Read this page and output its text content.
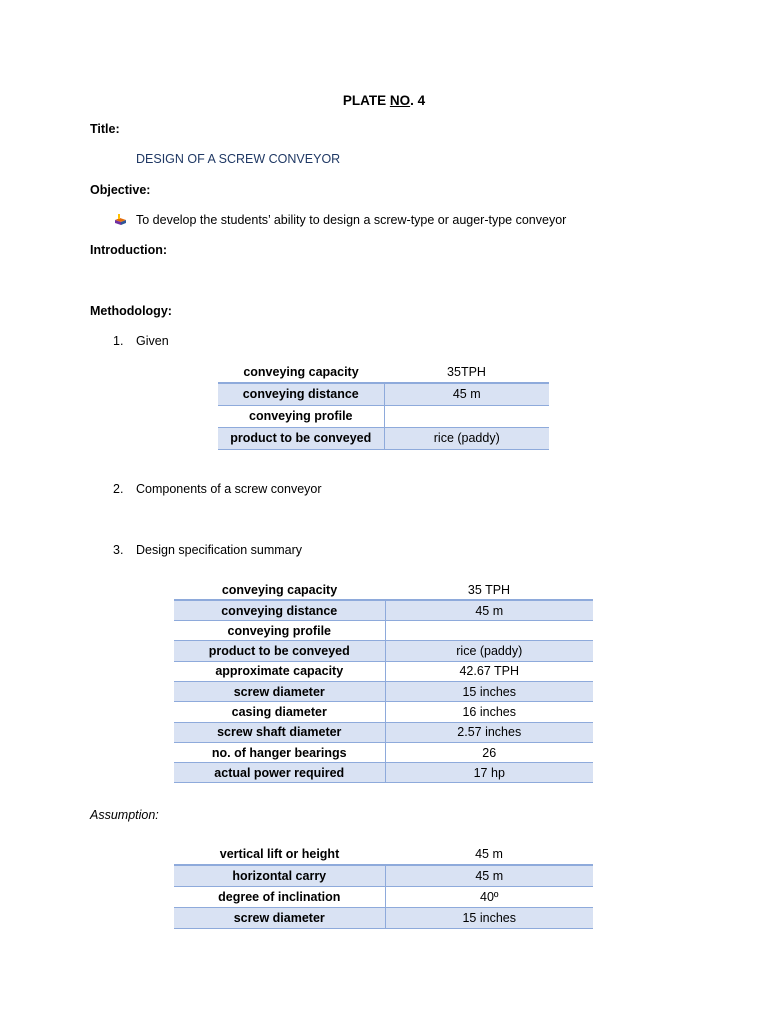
PLATE NO. 4
Title:
DESIGN OF A SCREW CONVEYOR
Objective:
To develop the students’ ability to design a screw-type or auger-type conveyor
Introduction:
Methodology:
1. Given
conveying capacity	35TPH
conveying distance	45 m
conveying profile	
product to be conveyed	rice (paddy)
2. Components of a screw conveyor
3. Design specification summary
conveying capacity	35 TPH
conveying distance	45 m
conveying profile	
product to be conveyed	rice (paddy)
approximate capacity	42.67 TPH
screw diameter	15 inches
casing diameter	16 inches
screw shaft diameter	2.57 inches
no. of hanger bearings	26
actual power required	17 hp
Assumption:
vertical lift or height	45 m
horizontal carry	45 m
degree of inclination	40º
screw diameter	15 inches
